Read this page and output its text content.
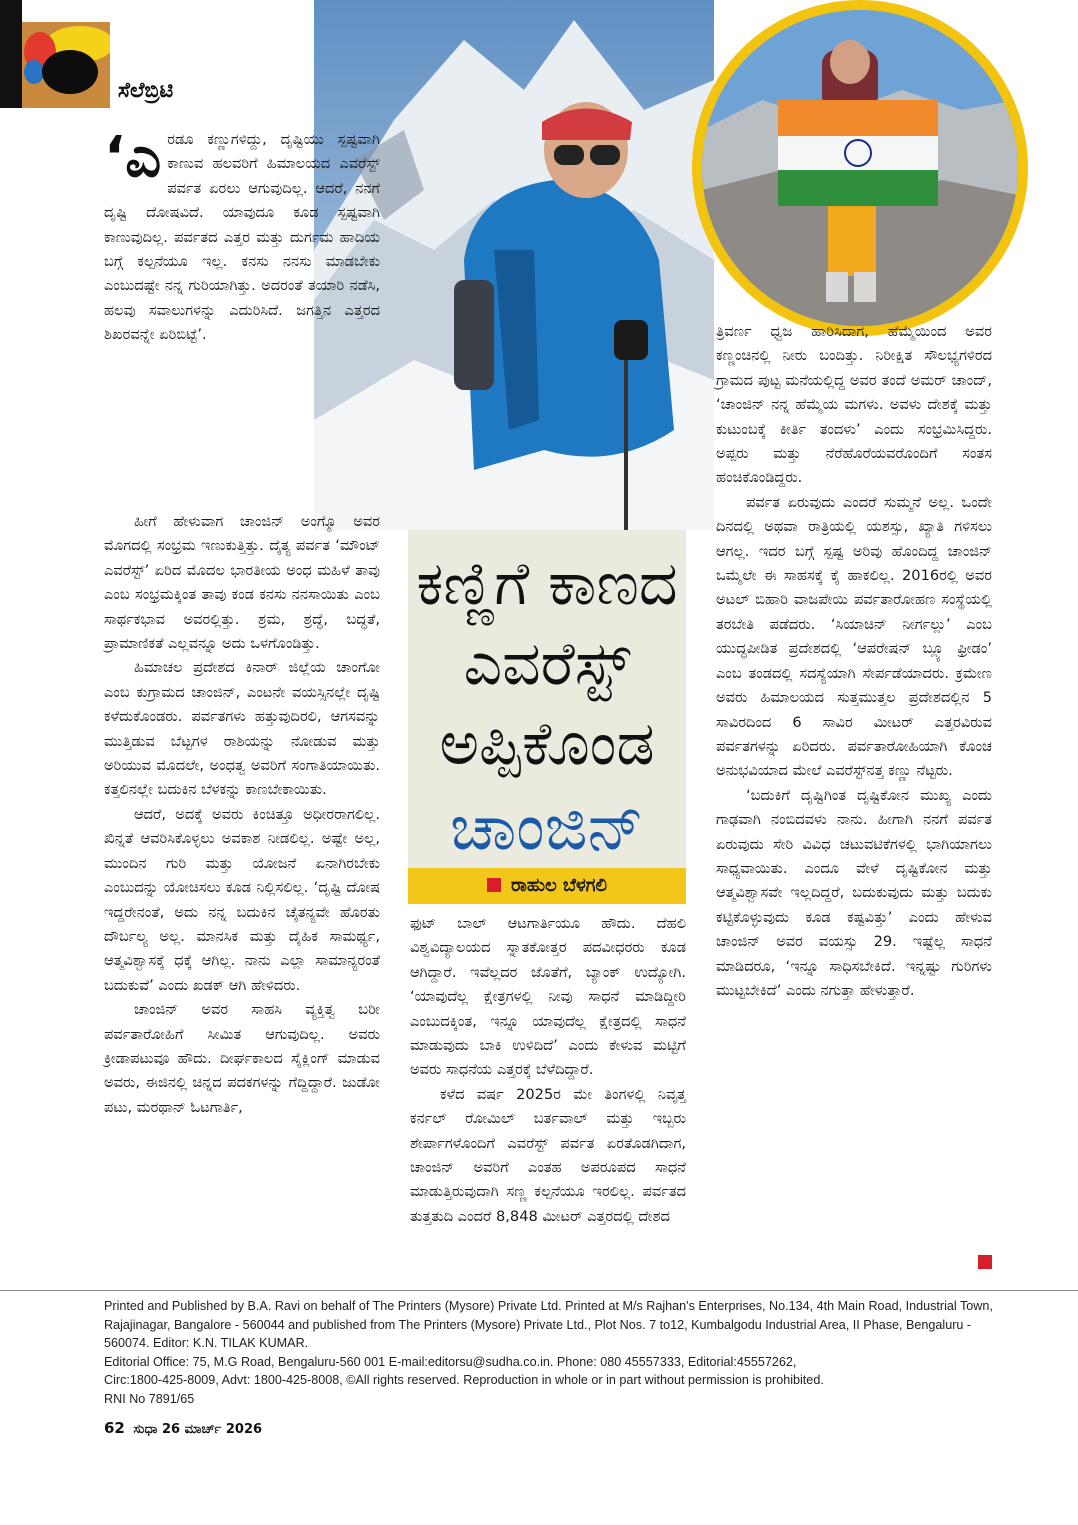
ಸೆಲೆಬ್ರಿಟಿ
‘ಎ ರಡೂ ಕಣ್ಣುಗಳಿದ್ದು, ದೃಷ್ಟಿಯು ಸ್ಪಷ್ಟವಾಗಿ ಕಾಣುವ ಹಲವರಿಗೆ ಹಿಮಾಲಯದ ಎವರೆಸ್ಟ್ ಪರ್ವತ ಏರಲು ಆಗುವುದಿಲ್ಲ. ಆದರೆ, ನನಗೆ ದೃಷ್ಟಿ ದೋಷವಿದೆ. ಯಾವುದೂ ಕೂಡ ಸ್ಪಷ್ಟವಾಗಿ ಕಾಣುವುದಿಲ್ಲ. ಪರ್ವತದ ಎತ್ತರ ಮತ್ತು ದುರ್ಗಮ ಹಾದಿಯ ಬಗ್ಗೆ ಕಲ್ಪನೆಯೂ ಇಲ್ಲ. ಕನಸು ನನಸು ಮಾಡಬೇಕು ಎಂಬುದಷ್ಟೇ ನನ್ನ ಗುರಿಯಾಗಿತ್ತು. ಅದರಂತೆ ತಯಾರಿ ನಡೆಸಿ, ಹಲವು ಸವಾಲುಗಳನ್ನು ಎದುರಿಸಿದೆ. ಜಗತ್ತಿನ ಎತ್ತರದ ಶಿಖರವನ್ನೇ ಏರಿಬಿಟ್ಟೆ’.

ಹೀಗೆ ಹೇಳುವಾಗ ಚಾಂಜಿನ್ ಅಂಗ್ಮೊ ಅವರ ಮೊಗದಲ್ಲಿ ಸಂಭ್ರಮ ಇಣುಕುತ್ತಿತ್ತು. ದೈತ್ಯ ಪರ್ವತ ‘ಮೌಂಟ್ ಎವರೆಸ್ಟ್’ ಏರಿದ ಮೊದಲ ಭಾರತೀಯ ಅಂಧ ಮಹಿಳೆ ತಾವು ಎಂಬ ಸಂಭ್ರಮಕ್ಕಿಂತ ತಾವು ಕಂಡ ಕನಸು ನನಸಾಯಿತು ಎಂಬ ಸಾರ್ಥಕಭಾವ ಅವರಲ್ಲಿತ್ತು. ಶ್ರಮ, ಶ್ರದ್ಧೆ, ಬದ್ಧತೆ, ಪ್ರಾಮಾಣಿಕತೆ ಎಲ್ಲವನ್ನೂ ಅದು ಒಳಗೊಂಡಿತ್ತು.

ಹಿಮಾಚಲ ಪ್ರದೇಶದ ಕಿನಾರ್ ಜಿಲ್ಲೆಯ ಚಾಂಗೋ ಎಂಬ ಕುಗ್ರಾಮದ ಚಾಂಜಿನ್, ಎಂಟನೇ ವಯಸ್ಸಿನಲ್ಲೇ ದೃಷ್ಟಿ ಕಳೆದುಕೊಂಡರು. ಪರ್ವತಗಳು ಹತ್ತುವುದಿರಲಿ, ಆಗಸವನ್ನು ಮುತ್ತಿಡುವ ಬೆಟ್ಟಗಳ ರಾಶಿಯನ್ನು ನೋಡುವ ಮತ್ತು ಅರಿಯುವ ಮೊದಲೇ, ಅಂಧತ್ವ ಅವರಿಗೆ ಸಂಗಾತಿಯಾಯಿತು. ಕತ್ತಲಿನಲ್ಲೇ ಬದುಕಿನ ಬೆಳಕನ್ನು ಕಾಣಬೇಕಾಯಿತು.

ಆದರೆ, ಅದಕ್ಕೆ ಅವರು ಕಿಂಚಿತ್ತೂ ಅಧೀರರಾಗಲಿಲ್ಲ. ಖಿನ್ನತೆ ಆವರಿಸಿಕೊಳ್ಳಲು ಅವಕಾಶ ನೀಡಲಿಲ್ಲ. ಅಷ್ಟೇ ಅಲ್ಲ, ಮುಂದಿನ ಗುರಿ ಮತ್ತು ಯೋಜನೆ ಏನಾಗಿರಬೇಕು ಎಂಬುದನ್ನು ಯೋಚಿಸಲು ಕೂಡ ನಿಲ್ಲಿಸಲಿಲ್ಲ. ‘ದೃಷ್ಟಿ ದೋಷ ಇದ್ದರೇನಂತೆ, ಅದು ನನ್ನ ಬದುಕಿನ ಚೈತನ್ಯವೇ ಹೊರತು ದೌರ್ಬಲ್ಯ ಅಲ್ಲ. ಮಾನಸಿಕ ಮತ್ತು ದೈಹಿಕ ಸಾಮರ್ಥ್ಯ, ಆತ್ಮವಿಶ್ವಾಸಕ್ಕೆ ಧಕ್ಕೆ ಆಗಿಲ್ಲ. ನಾನು ಎಲ್ಲಾ ಸಾಮಾನ್ಯರಂತೆ ಬದುಕುವೆ’ ಎಂದು ಖಡಕ್ ಆಗಿ ಹೇಳಿದರು.

ಚಾಂಜಿನ್ ಅವರ ಸಾಹಸಿ ವ್ಯಕ್ತಿತ್ವ ಬರೀ ಪರ್ವತಾರೋಹಿಗೆ ಸೀಮಿತ ಆಗುವುದಿಲ್ಲ. ಅವರು ಕ್ರೀಡಾಪಟುವೂ ಹೌದು. ದೀರ್ಘಕಾಲದ ಸೈಕ್ಲಿಂಗ್ ಮಾಡುವ ಅವರು, ಈಜಿನಲ್ಲಿ ಚಿನ್ನದ ಪದಕಗಳನ್ನು ಗೆದ್ದಿದ್ದಾರೆ. ಜುಡೋ ಪಟು, ಮರಥಾನ್ ಓಟಗಾರ್ತಿ,

ಕಣ್ಣಿಗೆ ಕಾಣದ
ಎವರೆಸ್ಟ್
ಅಪ್ಪಿಕೊಂಡ
ಚಾಂಜಿನ್
ರಾಹುಲ ಬೆಳಗಲಿ

ಫುಟ್ ಬಾಲ್ ಆಟಗಾರ್ತಿಯೂ ಹೌದು. ದೆಹಲಿ ವಿಶ್ವವಿದ್ಯಾಲಯದ ಸ್ನಾತಕೋತ್ತರ ಪದವೀಧರರು ಕೂಡ ಆಗಿದ್ದಾರೆ. ಇವೆಲ್ಲದರ ಜೊತೆಗೆ, ಬ್ಯಾಂಕ್ ಉದ್ಯೋಗಿ. ‘ಯಾವುದೆಲ್ಲ ಕ್ಷೇತ್ರಗಳಲ್ಲಿ ನೀವು ಸಾಧನೆ ಮಾಡಿದ್ದೀರಿ ಎಂಬುದಕ್ಕಿಂತ, ಇನ್ನೂ ಯಾವುದೆಲ್ಲ ಕ್ಷೇತ್ರದಲ್ಲಿ ಸಾಧನೆ ಮಾಡುವುದು ಬಾಕಿ ಉಳಿದಿದೆ’ ಎಂದು ಕೇಳುವ ಮಟ್ಟಿಗೆ ಅವರು ಸಾಧನೆಯ ಎತ್ತರಕ್ಕೆ ಬೆಳೆದಿದ್ದಾರೆ.

ಕಳೆದ ವರ್ಷ 2025ರ ಮೇ ತಿಂಗಳಲ್ಲಿ ನಿವೃತ್ತ ಕರ್ನಲ್ ರೋಮಿಲ್ ಬರ್ತವಾಲ್ ಮತ್ತು ಇಬ್ಬರು ಶೇರ್ಪಾಗಳೊಂದಿಗೆ ಎವರೆಸ್ಟ್ ಪರ್ವತ ಏರತೊಡಗಿದಾಗ, ಚಾಂಜಿನ್ ಅವರಿಗೆ ಎಂತಹ ಅಪರೂಪದ ಸಾಧನೆ ಮಾಡುತ್ತಿರುವುದಾಗಿ ಸಣ್ಣ ಕಲ್ಪನೆಯೂ ಇರಲಿಲ್ಲ. ಪರ್ವತದ ತುತ್ತತುದಿ ಎಂದರೆ 8,848 ಮೀಟರ್ ಎತ್ತರದಲ್ಲಿ ದೇಶದ

ತ್ರಿವರ್ಣ ಧ್ವಜ ಹಾರಿಸಿದಾಗ, ಹೆಮ್ಮೆಯಿಂದ ಅವರ ಕಣ್ಣಂಚಿನಲ್ಲಿ ನೀರು ಬಂದಿತ್ತು. ನಿರೀಕ್ಷಿತ ಸೌಲಭ್ಯಗಳಿರದ ಗ್ರಾಮದ ಪುಟ್ಟ ಮನೆಯಲ್ಲಿದ್ದ ಅವರ ತಂದೆ ಅಮರ್ ಚಾಂದ್, ‘ಚಾಂಜಿನ್ ನನ್ನ ಹೆಮ್ಮೆಯ ಮಗಳು. ಅವಳು ದೇಶಕ್ಕೆ ಮತ್ತು ಕುಟುಂಬಕ್ಕೆ ಕೀರ್ತಿ ತಂದಳು’ ಎಂದು ಸಂಭ್ರಮಿಸಿದ್ದರು. ಅಪ್ಪರು ಮತ್ತು ನೆರೆಹೊರೆಯವರೊಂದಿಗೆ ಸಂತಸ ಹಂಚಿಕೊಂಡಿದ್ದರು.

ಪರ್ವತ ಏರುವುದು ಎಂದರೆ ಸುಮ್ಮನೆ ಅಲ್ಲ. ಒಂದೇ ದಿನದಲ್ಲಿ ಅಥವಾ ರಾತ್ರಿಯಲ್ಲಿ ಯಶಸ್ಸು, ಖ್ಯಾತಿ ಗಳಿಸಲು ಆಗಲ್ಲ. ಇದರ ಬಗ್ಗೆ ಸ್ಪಷ್ಟ ಅರಿವು ಹೊಂದಿದ್ದ ಚಾಂಜಿನ್ ಒಮ್ಮೆಲೇ ಈ ಸಾಹಸಕ್ಕೆ ಕೈ ಹಾಕಲಿಲ್ಲ. 2016ರಲ್ಲಿ ಅವರ ಅಟಲ್ ಬಿಹಾರಿ ವಾಜಪೇಯಿ ಪರ್ವತಾರೋಹಣ ಸಂಸ್ಥೆಯಲ್ಲಿ ತರಬೇತಿ ಪಡೆದರು. ‘ಸಿಯಾಚಿನ್ ನೀರ್ಗಲ್ಲು’ ಎಂಬ ಯುದ್ಧಪೀಡಿತ ಪ್ರದೇಶದಲ್ಲಿ ‘ಆಪರೇಷನ್ ಬ್ಲ್ಯೂ ಫ್ರೀಡಂ’ ಎಂಬ ತಂಡದಲ್ಲಿ ಸದಸ್ಯೆಯಾಗಿ ಸೇರ್ಪಡೆಯಾದರು. ಕ್ರಮೇಣ ಅವರು ಹಿಮಾಲಯದ ಸುತ್ತಮುತ್ತಲ ಪ್ರದೇಶದಲ್ಲಿನ 5 ಸಾವಿರದಿಂದ 6 ಸಾವಿರ ಮೀಟರ್ ಎತ್ತರವಿರುವ ಪರ್ವತಗಳನ್ನು ಏರಿದರು. ಪರ್ವತಾರೋಹಿಯಾಗಿ ಕೊಂಚ ಅನುಭವಿಯಾದ ಮೇಲೆ ಎವರೆಸ್ಟ್‌ನತ್ತ ಕಣ್ಣು ನೆಟ್ಟರು.

‘ಬದುಕಿಗೆ ದೃಷ್ಟಿಗಿಂತ ದೃಷ್ಟಿಕೋನ ಮುಖ್ಯ ಎಂದು ಗಾಢವಾಗಿ ನಂಬಿದವಳು ನಾನು. ಹೀಗಾಗಿ ನನಗೆ ಪರ್ವತ ಏರುವುದು ಸೇರಿ ವಿವಿಧ ಚಟುವಟಿಕೆಗಳಲ್ಲಿ ಭಾಗಿಯಾಗಲು ಸಾಧ್ಯವಾಯಿತು. ಎಂದೂ ವೇಳೆ ದೃಷ್ಟಿಕೋನ ಮತ್ತು ಆತ್ಮವಿಶ್ವಾಸವೇ ಇಲ್ಲದಿದ್ದರೆ, ಬದುಕುವುದು ಮತ್ತು ಬದುಕು ಕಟ್ಟಿಕೊಳ್ಳುವುದು ಕೂಡ ಕಷ್ಟವಿತ್ತು’ ಎಂದು ಹೇಳುವ ಚಾಂಜಿನ್ ಅವರ ವಯಸ್ಸು 29. ಇಷ್ಟೆಲ್ಲ ಸಾಧನೆ ಮಾಡಿದರೂ, ‘ಇನ್ನೂ ಸಾಧಿಸಬೇಕಿದೆ. ಇನ್ನಷ್ಟು ಗುರಿಗಳು ಮುಟ್ಟಬೇಕಿದೆ’ ಎಂದು ನಗುತ್ತಾ ಹೇಳುತ್ತಾರೆ.

Printed and Published by B.A. Ravi on behalf of The Printers (Mysore) Private Ltd. Printed at M/s Rajhan's Enterprises, No.134, 4th Main Road, Industrial Town, Rajajinagar, Bangalore - 560044 and published from The Printers (Mysore) Private Ltd., Plot Nos. 7 to12, Kumbalgodu Industrial Area, II Phase, Bengaluru - 560074. Editor: K.N. TILAK KUMAR.

Editorial Office: 75, M.G Road, Bengaluru-560 001 E-mail:editorsu@sudha.co.in. Phone: 080 45557333, Editorial:45557262,

Circ:1800-425-8009, Advt: 1800-425-8008, ©All rights reserved. Reproduction in whole or in part without permission is prohibited.

RNI No 7891/65

62 ಸುಧಾ 26 ಮಾರ್ಚ್ 2026
